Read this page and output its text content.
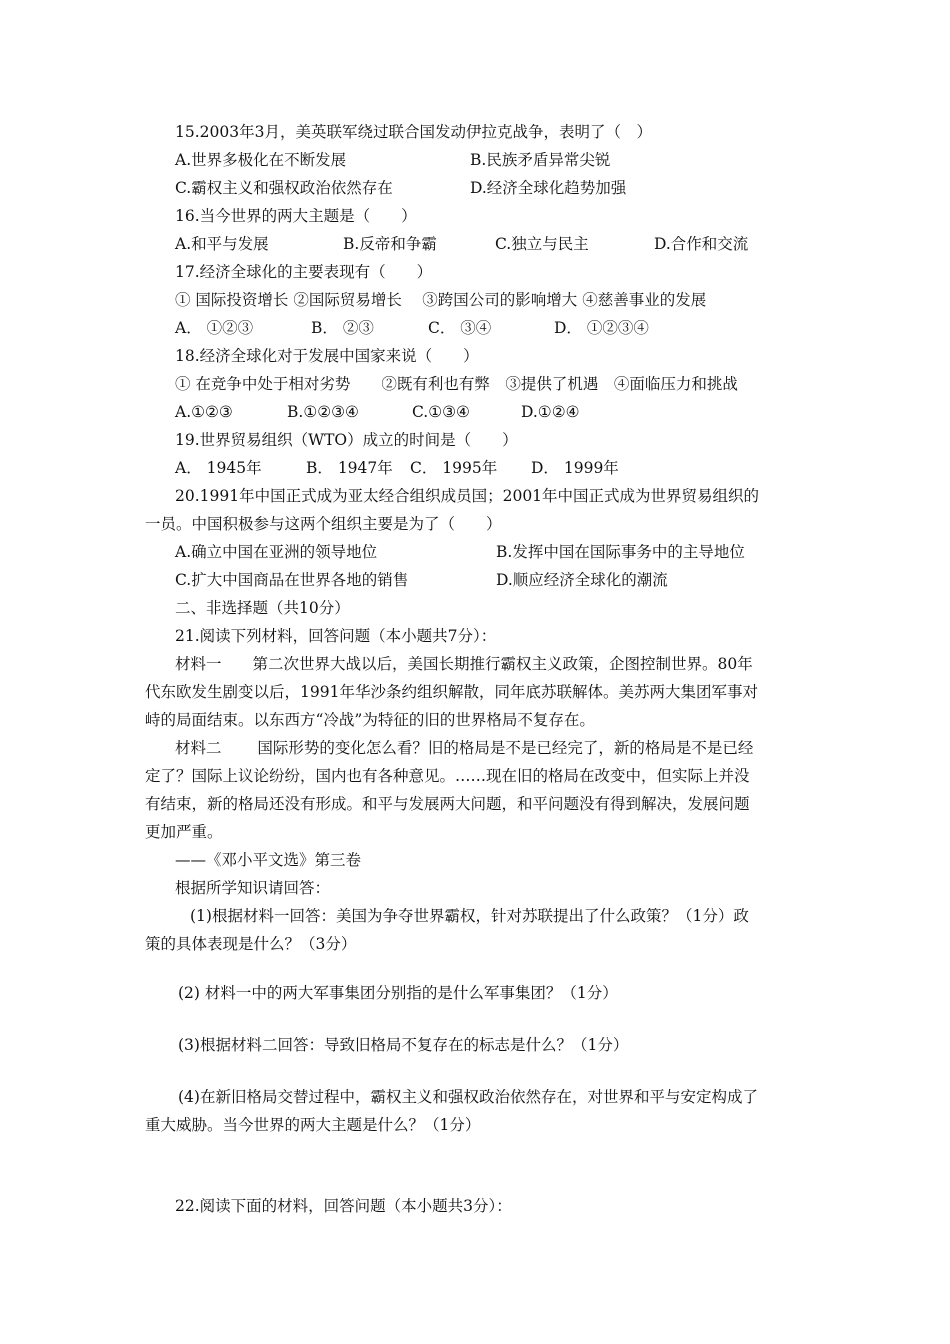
15.2003年3月，美英联军绕过联合国发动伊拉克战争，表明了（　）
A.世界多极化在不断发展	B.民族矛盾异常尖锐
C.霸权主义和强权政治依然存在	D.经济全球化趋势加强
16.当今世界的两大主题是（　　）
A.和平与发展	B.反帝和争霸	C.独立与民主	D.合作和交流
17.经济全球化的主要表现有（　　）
① 国际投资增长 ②国际贸易增长　 ③跨国公司的影响增大 ④慈善事业的发展
A． ①②③	B． ②③	C． ③④	D． ①②③④
18.经济全球化对于发展中国家来说（　　）
① 在竞争中处于相对劣势　　②既有利也有弊　③提供了机遇　④面临压力和挑战
A.①②③	B.①②③④	C.①③④	D.①②④
19.世界贸易组织（WTO）成立的时间是（　　）
A． 1945年	B． 1947年 C． 1995年 D． 1999年
20.1991年中国正式成为亚太经合组织成员国；2001年中国正式成为世界贸易组织的
一员。中国积极参与这两个组织主要是为了（　　）
A.确立中国在亚洲的领导地位	B.发挥中国在国际事务中的主导地位
C.扩大中国商品在世界各地的销售	D.顺应经济全球化的潮流
二、非选择题（共10分）
21.阅读下列材料，回答问题（本小题共7分）：
材料一　　第二次世界大战以后，美国长期推行霸权主义政策，企图控制世界。80年
代东欧发生剧变以后，1991年华沙条约组织解散，同年底苏联解体。美苏两大集团军事对
峙的局面结束。以东西方“冷战”为特征的旧的世界格局不复存在。
材料二　　 国际形势的变化怎么看？旧的格局是不是已经完了，新的格局是不是已经
定了？国际上议论纷纷，国内也有各种意见。……现在旧的格局在改变中，但实际上并没
有结束，新的格局还没有形成。和平与发展两大问题，和平问题没有得到解决，发展问题
更加严重。
——《邓小平文选》第三卷
根据所学知识请回答：
(1)根据材料一回答：美国为争夺世界霸权，针对苏联提出了什么政策？（1分）政
策的具体表现是什么？（3分）
(2) 材料一中的两大军事集团分别指的是什么军事集团？（1分）
(3)根据材料二回答：导致旧格局不复存在的标志是什么？（1分）
(4)在新旧格局交替过程中，霸权主义和强权政治依然存在，对世界和平与安定构成了
重大威胁。当今世界的两大主题是什么？（1分）
22.阅读下面的材料，回答问题（本小题共3分）：
